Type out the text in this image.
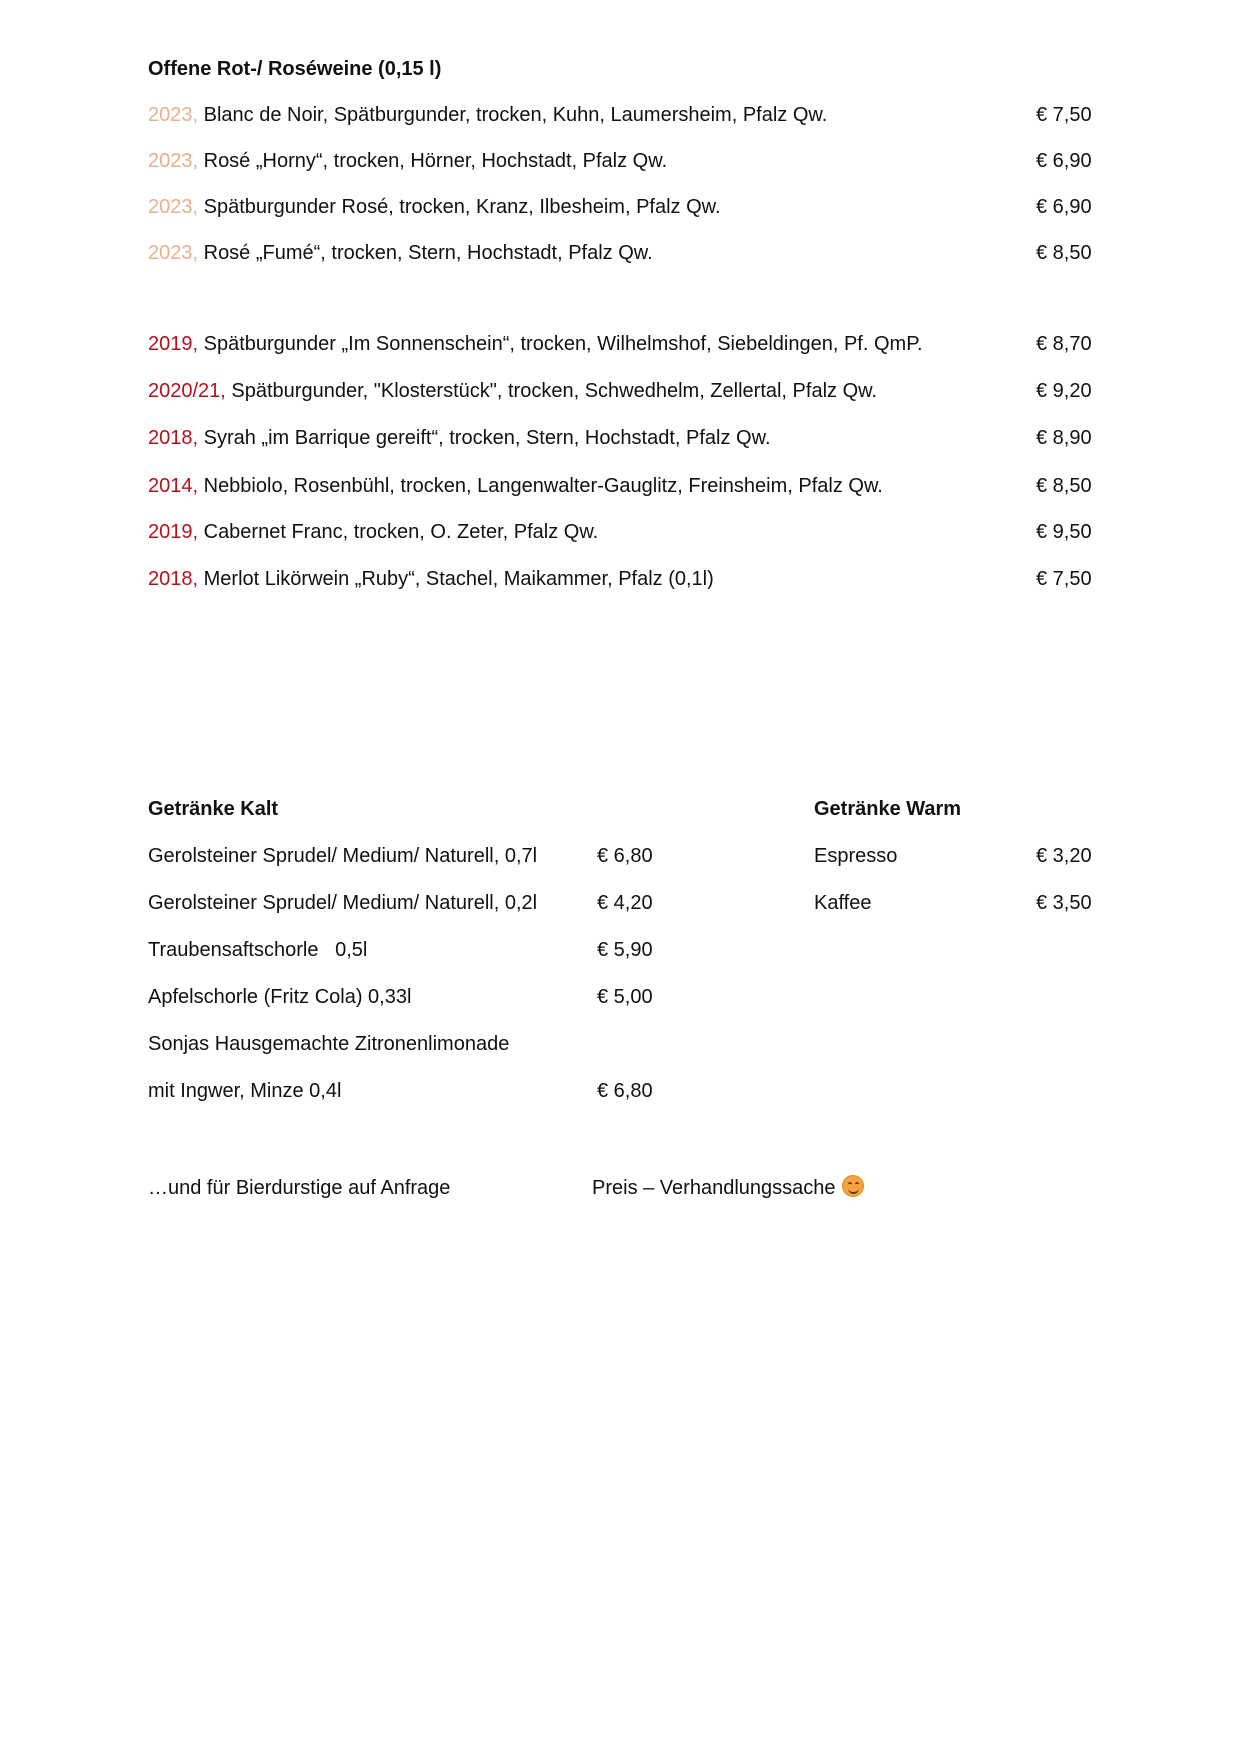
Offene Rot-/ Roséweine (0,15 l)
2023, Blanc de Noir, Spätburgunder, trocken, Kuhn, Laumersheim, Pfalz Qw.	€ 7,50
2023, Rosé „Horny“, trocken, Hörner, Hochstadt, Pfalz Qw.	€ 6,90
2023, Spätburgunder Rosé, trocken, Kranz, Ilbesheim, Pfalz Qw.	€ 6,90
2023, Rosé „Fumé“, trocken, Stern, Hochstadt, Pfalz Qw.	€ 8,50
2019, Spätburgunder „Im Sonnenschein“, trocken, Wilhelmshof, Siebeldingen, Pf. QmP.	€ 8,70
2020/21, Spätburgunder, "Klosterstück", trocken, Schwedhelm, Zellertal, Pfalz Qw.	€ 9,20
2018, Syrah „im Barrique gereift“, trocken, Stern, Hochstadt, Pfalz Qw.	€ 8,90
2014, Nebbiolo, Rosenbühl, trocken, Langenwalter-Gauglitz, Freinsheim, Pfalz Qw.	€ 8,50
2019, Cabernet Franc, trocken, O. Zeter, Pfalz Qw.	€ 9,50
2018, Merlot Likörwein „Ruby“, Stachel, Maikammer, Pfalz (0,1l)	€ 7,50
Getränke Kalt
Gerolsteiner Sprudel/ Medium/ Naturell, 0,7l	€ 6,80
Gerolsteiner Sprudel/ Medium/ Naturell, 0,2l	€ 4,20
Traubensaftschorle   0,5l	€ 5,90
Apfelschorle (Fritz Cola) 0,33l	€ 5,00
Sonjas Hausgemachte Zitronenlimonade
mit Ingwer, Minze 0,4l	€ 6,80
Getränke Warm
Espresso	€ 3,20
Kaffee	€ 3,50
…und für Bierdurstige auf Anfrage	Preis – Verhandlungssache
